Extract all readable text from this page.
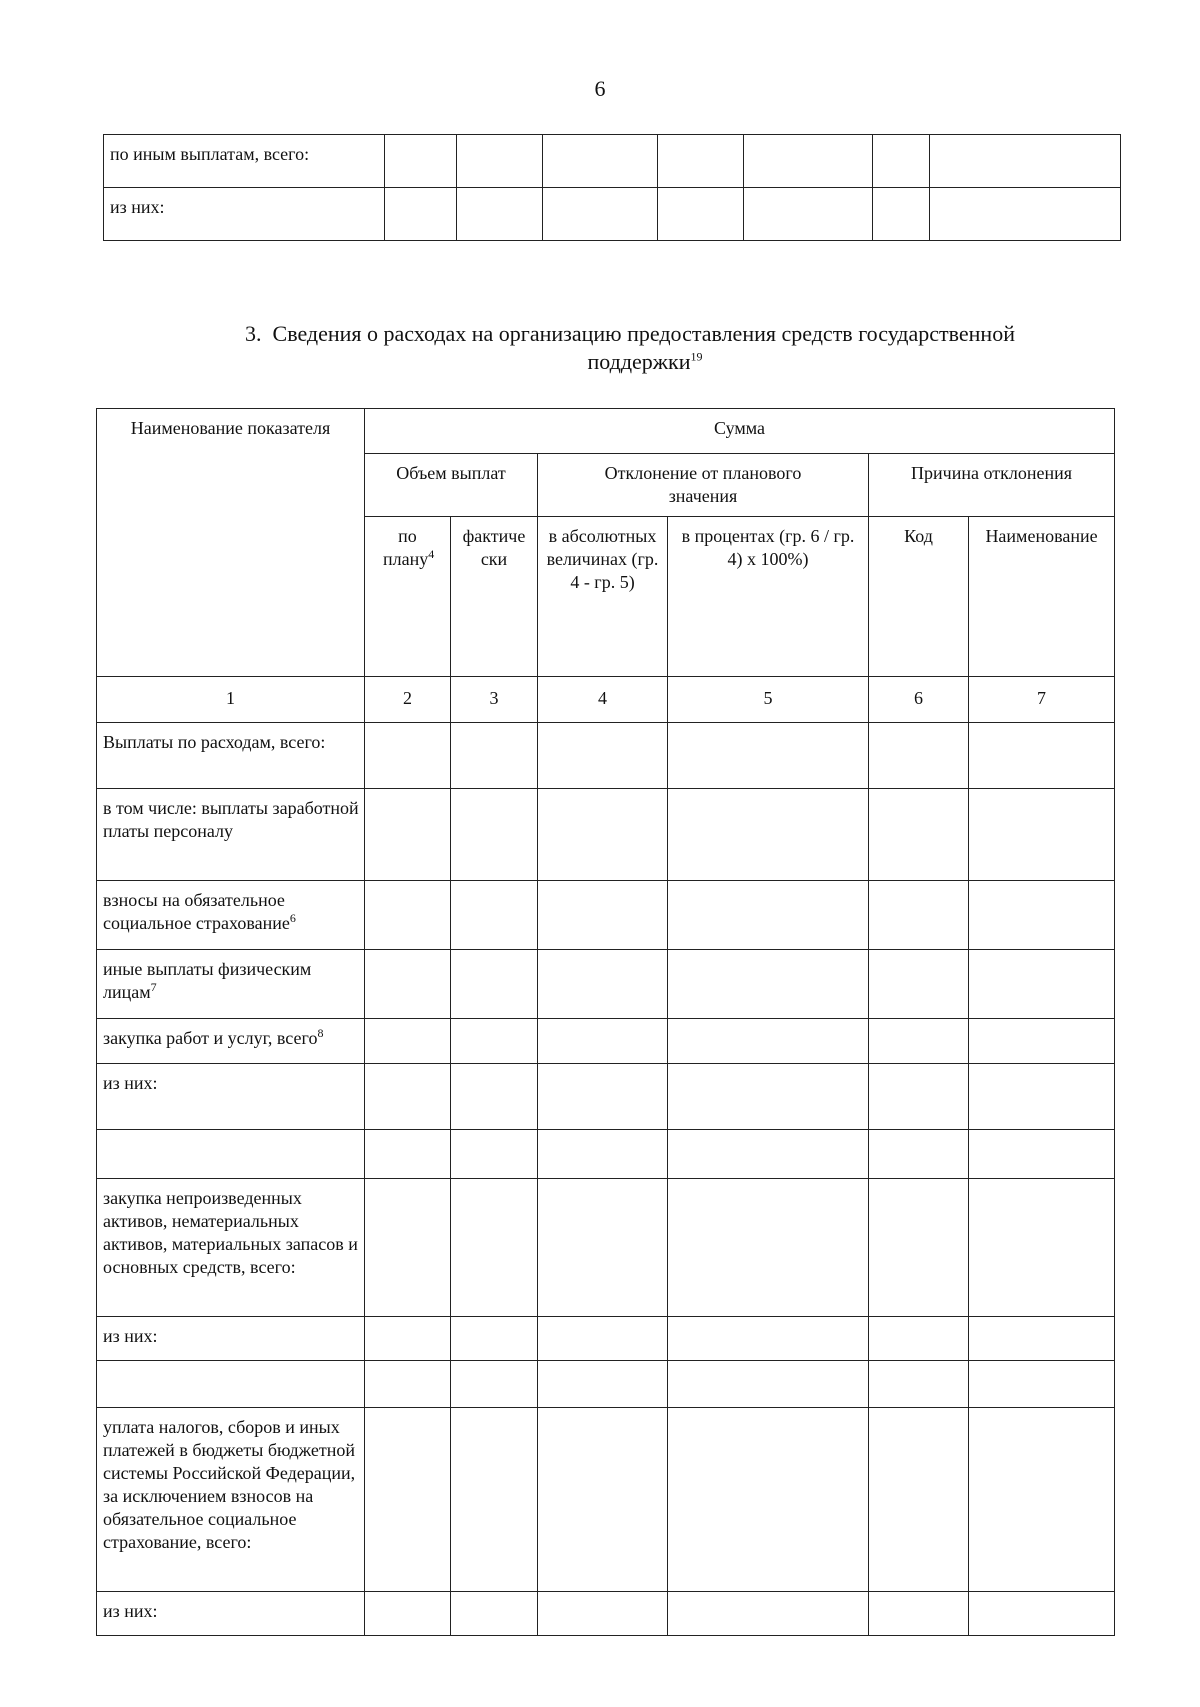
6
по иным выплатам, всего:							
из них:							
3. Сведения о расходах на организацию предоставления средств государственной
поддержки$^{19}$
Наименование показателя	Сумма					
	Объем выплат		Отклонение от планового значения		Причина отклонения	
	по плану$^4$	фактиче ски	в абсолютных величинах (гр. 4 - гр. 5)	в процентах (гр. 6 / гр. 4) х 100%)	Код	Наименование
1	2	3	4	5	6	7
Выплаты по расходам, всего:						
в том числе: выплаты заработной платы персоналу						
взносы на обязательное социальное страхование$^6$						
иные выплаты физическим лицам$^7$						
закупка работ и услуг, всего$^8$						
из них:						

закупка непроизведенных активов, нематериальных активов, материальных запасов и основных средств, всего:						
из них:						

уплата налогов, сборов и иных платежей в бюджеты бюджетной системы Российской Федерации, за исключением взносов на обязательное социальное страхование, всего:						
из них:						
